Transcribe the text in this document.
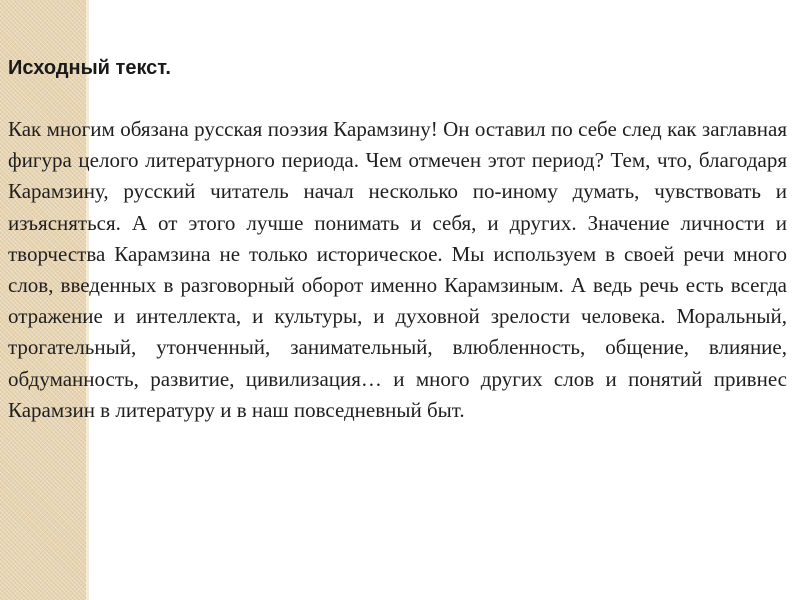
Исходный текст.

Как многим обязана русская поэзия Карамзину! Он оставил по себе след как заглавная фигура целого литературного периода. Чем отмечен этот период? Тем, что, благодаря Карамзину, русский читатель начал несколько по-иному думать, чувствовать и изъясняться. А от этого лучше понимать и себя, и других. Значение личности и творчества Карамзина не только историческое. Мы используем в своей речи много слов, введенных в разговорный оборот именно Карамзиным. А ведь речь есть всегда отражение и интеллекта, и культуры, и духовной зрелости человека. Моральный, трогательный, утонченный, занимательный, влюбленность, общение, влияние, обдуманность, развитие, цивилизация… и много других слов и понятий привнес Карамзин в литературу и в наш повседневный быт.
